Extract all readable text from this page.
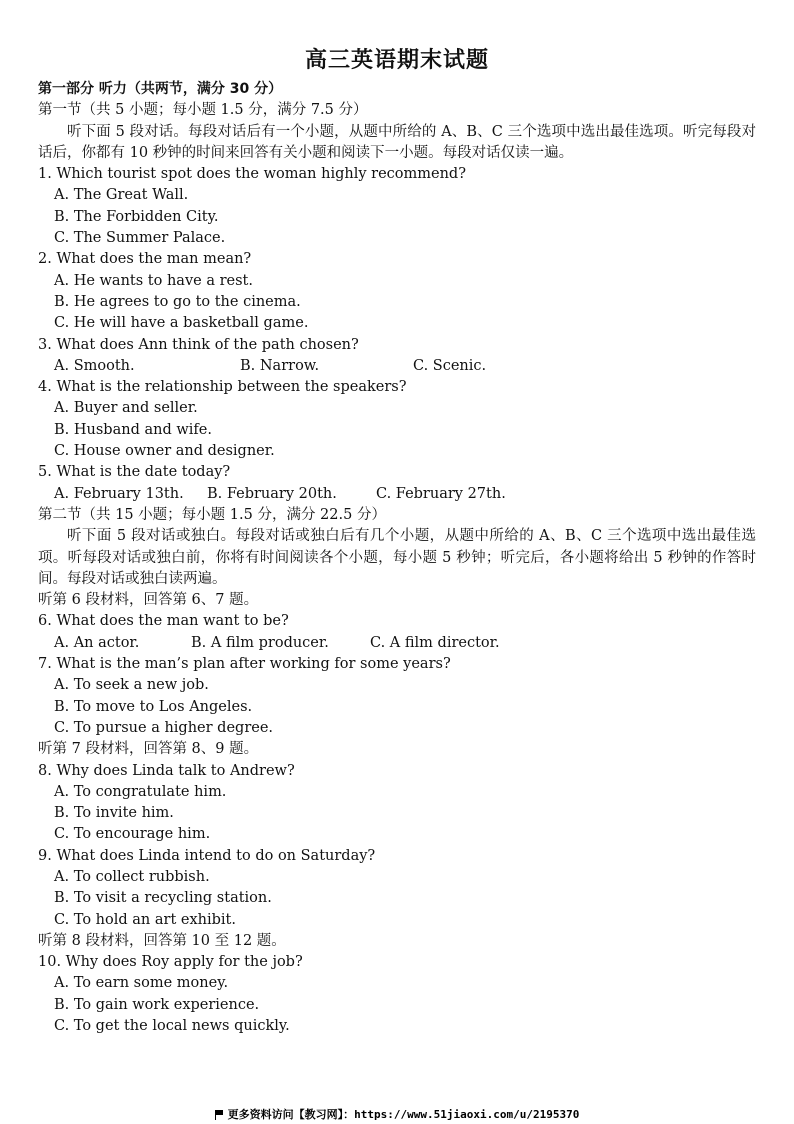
高三英语期末试题
第一部分 听力（共两节，满分 30 分）
第一节（共 5 小题；每小题 1.5 分，满分 7.5 分）
听下面 5 段对话。每段对话后有一个小题，从题中所给的 A、B、C 三个选项中选出最佳选项。听完每段对话后，你都有 10 秒钟的时间来回答有关小题和阅读下一小题。每段对话仅读一遍。
1. Which tourist spot does the woman highly recommend?
A. The Great Wall.
B. The Forbidden City.
C. The Summer Palace.
2. What does the man mean?
A. He wants to have a rest.
B. He agrees to go to the cinema.
C. He will have a basketball game.
3. What does Ann think of the path chosen?
A. Smooth.	B. Narrow.	C. Scenic.
4. What is the relationship between the speakers?
A. Buyer and seller.
B. Husband and wife.
C. House owner and designer.
5. What is the date today?
A. February 13th. B. February 20th.	C. February 27th.
第二节（共 15 小题；每小题 1.5 分，满分 22.5 分）
听下面 5 段对话或独白。每段对话或独白后有几个小题，从题中所给的 A、B、C 三个选项中选出最佳选项。听每段对话或独白前，你将有时间阅读各个小题，每小题 5 秒钟；听完后，各小题将给出 5 秒钟的作答时间。每段对话或独白读两遍。
听第 6 段材料，回答第 6、7 题。
6. What does the man want to be?
A. An actor.	B. A film producer.	C. A film director.
7. What is the man’s plan after working for some years?
A. To seek a new job.
B. To move to Los Angeles.
C. To pursue a higher degree.
听第 7 段材料，回答第 8、9 题。
8. Why does Linda talk to Andrew?
A. To congratulate him.
B. To invite him.
C. To encourage him.
9. What does Linda intend to do on Saturday?
A. To collect rubbish.
B. To visit a recycling station.
C. To hold an art exhibit.
听第 8 段材料，回答第 10 至 12 题。
10. Why does Roy apply for the job?
A. To earn some money.
B. To gain work experience.
C. To get the local news quickly.
更多资料访问【教习网】：https://www.51jiaoxi.com/u/2195370
